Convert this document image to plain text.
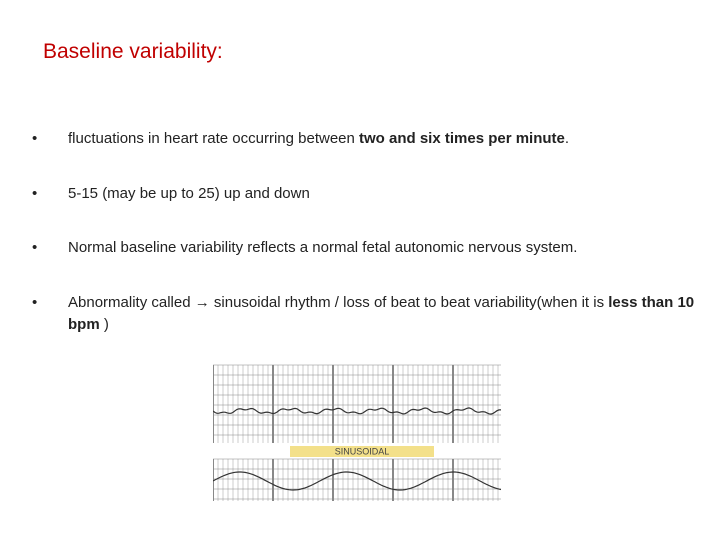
Baseline variability:
•	fluctuations in heart rate occurring between two and six times per minute.
•	5-15 (may be up to 25) up and down
•	Normal baseline variability reflects a normal fetal autonomic nervous system.
•	Abnormality called → sinusoidal rhythm / loss of beat to beat variability(when it is less than 10 bpm )
SINUSOIDAL
